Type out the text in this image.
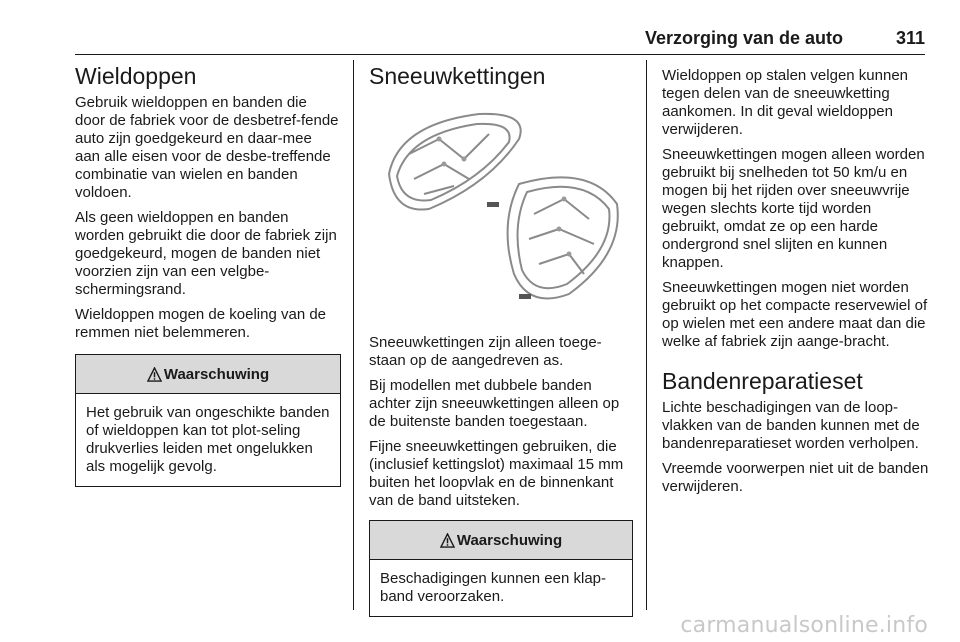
Verzorging van de auto	311
Wieldoppen

Gebruik wieldoppen en banden die door de fabriek voor de desbetref-fende auto zijn goedgekeurd en daar-mee aan alle eisen voor de desbe-treffende combinatie van wielen en banden voldoen.

Als geen wieldoppen en banden worden gebruikt die door de fabriek zijn goedgekeurd, mogen de banden niet voorzien zijn van een velgbe-schermingsrand.

Wieldoppen mogen de koeling van de remmen niet belemmeren.

Waarschuwing

Het gebruik van ongeschikte banden of wieldoppen kan tot plot-seling drukverlies leiden met ongelukken als mogelijk gevolg.

Sneeuwkettingen

Sneeuwkettingen zijn alleen toege-staan op de aangedreven as.

Bij modellen met dubbele banden achter zijn sneeuwkettingen alleen op de buitenste banden toegestaan.

Fijne sneeuwkettingen gebruiken, die (inclusief kettingslot) maximaal 15 mm buiten het loopvlak en de binnenkant van de band uitsteken.

Waarschuwing

Beschadigingen kunnen een klap-band veroorzaken.

Wieldoppen op stalen velgen kunnen tegen delen van de sneeuwketting aankomen. In dit geval wieldoppen verwijderen.

Sneeuwkettingen mogen alleen worden gebruikt bij snelheden tot 50 km/u en mogen bij het rijden over sneeuwvrije wegen slechts korte tijd worden gebruikt, omdat ze op een harde ondergrond snel slijten en kunnen knappen.

Sneeuwkettingen mogen niet worden gebruikt op het compacte reservewiel of op wielen met een andere maat dan die welke af fabriek zijn aange-bracht.

Bandenreparatieset

Lichte beschadigingen van de loop-vlakken van de banden kunnen met de bandenreparatieset worden verholpen.

Vreemde voorwerpen niet uit de banden verwijderen.

carmanualsonline.info
